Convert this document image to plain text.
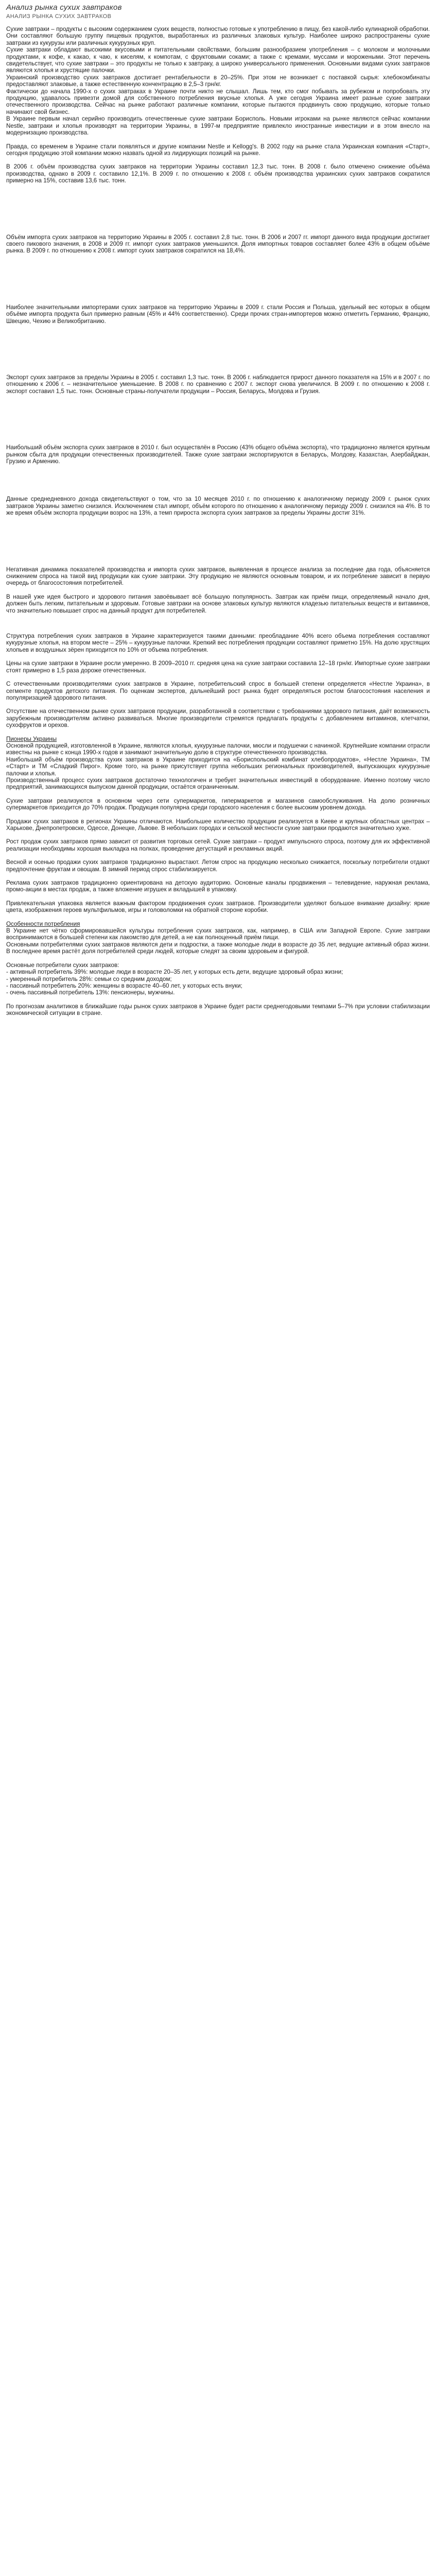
Анализ рынка сухих завтраков
АНАЛИЗ РЫНКА СУХИХ ЗАВТРАКОВ

Сухие завтраки – продукты с высоким содержанием сухих веществ, полностью готовые к употреблению в пищу, без какой-либо кулинарной обработки. Они составляют большую группу пищевых продуктов, выработанных из различных злаковых культур. Наиболее широко распространены сухие завтраки из кукурузы или различных кукурузных круп.

Сухие завтраки обладают высокими вкусовыми и питательными свойствами, большим разнообразием употребления – с молоком и молочными продуктами, к кофе, к какао, к чаю, к киселям, к компотам, с фруктовыми соками; а также с кремами, муссами и морожеными. Этот перечень свидетельствует, что сухие завтраки – это продукты не только к завтраку, а широко универсального применения. Основными видами сухих завтраков являются хлопья и хрустящие палочки.

Украинский производство сухих завтраков достигает рентабельности в 20–25%. При этом не возникает с поставкой сырья: хлебокомбинаты предоставляют злаковые, а также естественную кончентрацию в 2,5–3 грн/кг.

Фактически до начала 1990-х о сухих завтраках в Украине почти никто не слышал. Лишь тем, кто смог побывать за рубежом и попробовать эту продукцию, удавалось привезти домой для собственного потребления вкусные хлопья. А уже сегодня Украина имеет разные сухие завтраки отечественного производства. Сейчас на рынке работают различные компании, которые пытаются продвинуть свою продукцию, которые только начинают свой бизнес.

В Украине первым начал серийно производить отечественные сухие завтраки Борисполь. Новыми игроками на рынке являются сейчас компании Nestle, завтраки и хлопья производят на территории Украины, в 1997-м предприятие привлекло иностранные инвестиции и в этом внесло на модернизацию производства.

Правда, со временем в Украине стали появляться и другие компании Nestle и Kellogg's. В 2002 году на рынке стала Украинская компания «Старт», сегодня продукцию этой компании можно назвать одной из лидирующих позиций на рынке.

В 2006 г. объём производства сухих завтраков на территории Украины составил 12,3 тыс. тонн. В 2008 г. было отмечено снижение объёма производства, однако в 2009 г. составило 12,1%. В 2009 г. по отношению к 2008 г. объём производства украинских сухих завтраков сократился примерно на 15%, составив 13,6 тыс. тонн.

Объём импорта сухих завтраков на территорию Украины в 2005 г. составил 2,8 тыс. тонн. В 2006 и 2007 гг. импорт данного вида продукции достигает своего пикового значения, в 2008 и 2009 гг. импорт сухих завтраков уменьшился. Доля импортных товаров составляет более 43% в общем объёме рынка. В 2009 г. по отношению к 2008 г. импорт сухих завтраков сократился на 18,4%.

Наиболее значительными импортерами сухих завтраков на территорию Украины в 2009 г. стали Россия и Польша, удельный вес которых в общем объёме импорта продукта был примерно равным (45% и 44% соответственно). Среди прочих стран-импортеров можно отметить Германию, Францию, Швецию, Чехию и Великобританию.

Экспорт сухих завтраков за пределы Украины в 2005 г. составил 1,3 тыс. тонн. В 2006 г. наблюдается прирост данного показателя на 15% и в 2007 г. по отношению к 2006 г. – незначительное уменьшение. В 2008 г. по сравнению с 2007 г. экспорт снова увеличился. В 2009 г. по отношению к 2008 г. экспорт составил 1,5 тыс. тонн. Основные страны-получатели продукции – Россия, Беларусь, Молдова и Грузия.

Наибольший объём экспорта сухих завтраков в 2010 г. был осуществлён в Россию (43% общего объёма экспорта), что традиционно является крупным рынком сбыта для продукции отечественных производителей. Также сухие завтраки экспортируются в Беларусь, Молдову, Казахстан, Азербайджан, Грузию и Армению.

Данные среднедневного дохода свидетельствуют о том, что за 10 месяцев 2010 г. по отношению к аналогичному периоду 2009 г. рынок сухих завтраков Украины заметно снизился. Исключением стал импорт, объём которого по отношению к аналогичному периоду 2009 г. снизился на 4%. В то же время объём экспорта продукции возрос на 13%, а темп прироста экспорта сухих завтраков за пределы Украины достиг 31%.

Негативная динамика показателей производства и импорта сухих завтраков, выявленная в процессе анализа за последние два года, объясняется снижением спроса на такой вид продукции как сухие завтраки. Эту продукцию не являются основным товаром, и их потребление зависит в первую очередь от благосостояния потребителей.

В нашей уже идея быстрого и здорового питания завоёвывает всё большую популярность. Завтрак как приём пищи, определяемый начало дня, должен быть легким, питательным и здоровым. Готовые завтраки на основе злаковых культур являются кладезью питательных веществ и витаминов, что значительно повышает спрос на данный продукт для потребителей.

Структура потребления сухих завтраков в Украине характеризуется такими данными: преобладание 40% всего объема потребления составляют кукурузные хлопья, на втором месте – 25% – кукурузные палочки. Крепкий вес потребления продукции составляют приметно 15%. На долю хрустящих хлопьев и воздушных зёрен приходится по 10% от объема потребления.

Цены на сухие завтраки в Украине росли умеренно. В 2009–2010 гг. средняя цена на сухие завтраки составила 12–18 грн/кг. Импортные сухие завтраки стоят примерно в 1,5 раза дороже отечественных.

С отечественными производителями сухих завтраков в Украине, потребительский спрос в большей степени определяется «Нестле Украина», в сегменте продуктов детского питания. По оценкам экспертов, дальнейший рост рынка будет определяться ростом благосостояния населения и популяризацией здорового питания.

Отсутствие на отечественном рынке сухих завтраков продукции, разработанной в соответствии с требованиями здорового питания, даёт возможность зарубежным производителям активно развиваться. Многие производители стремятся предлагать продукты с добавлением витаминов, клетчатки, сухофруктов и орехов.

Пионеры Украины

Основной продукцией, изготовленной в Украине, являются хлопья, кукурузные палочки, мюсли и подушечки с начинкой. Крупнейшие компании отрасли известны на рынке с конца 1990-х годов и занимают значительную долю в структуре отечественного производства.

Наибольший объём производства сухих завтраков в Украине приходится на «Бориспольский комбинат хлебопродуктов», «Нестле Украина», ТМ «Старт» и ТМ «Сладкий Пирог». Кроме того, на рынке присутствует группа небольших региональных производителей, выпускающих кукурузные палочки и хлопья.

Производственный процесс сухих завтраков достаточно технологичен и требует значительных инвестиций в оборудование. Именно поэтому число предприятий, занимающихся выпуском данной продукции, остаётся ограниченным.

Сухие завтраки реализуются в основном через сети супермаркетов, гипермаркетов и магазинов самообслуживания. На долю розничных супермаркетов приходится до 70% продаж. Продукция популярна среди городского населения с более высоким уровнем дохода.

Продажи сухих завтраков в регионах Украины отличаются. Наибольшее количество продукции реализуется в Киеве и крупных областных центрах – Харькове, Днепропетровске, Одессе, Донецке, Львове. В небольших городах и сельской местности сухие завтраки продаются значительно хуже.

Рост продаж сухих завтраков прямо зависит от развития торговых сетей. Сухие завтраки – продукт импульсного спроса, поэтому для их эффективной реализации необходимы хорошая выкладка на полках, проведение дегустаций и рекламных акций.

Весной и осенью продажи сухих завтраков традиционно вырастают. Летом спрос на продукцию несколько снижается, поскольку потребители отдают предпочтение фруктам и овощам. В зимний период спрос стабилизируется.

Реклама сухих завтраков традиционно ориентирована на детскую аудиторию. Основные каналы продвижения – телевидение, наружная реклама, промо-акции в местах продаж, а также вложение игрушек и вкладышей в упаковку.

Привлекательная упаковка является важным фактором продвижения сухих завтраков. Производители уделяют большое внимание дизайну: яркие цвета, изображения героев мультфильмов, игры и головоломки на обратной стороне коробки.

Особенности потребления

В Украине нет чётко сформировавшейся культуры потребления сухих завтраков, как, например, в США или Западной Европе. Сухие завтраки воспринимаются в большей степени как лакомство для детей, а не как полноценный приём пищи.

Основными потребителями сухих завтраков являются дети и подростки, а также молодые люди в возрасте до 35 лет, ведущие активный образ жизни. В последнее время растёт доля потребителей среди людей, которые следят за своим здоровьем и фигурой.

Основные потребители сухих завтраков:

- активный потребитель 39%: молодые люди в возрасте 20–35 лет, у которых есть дети, ведущие здоровый образ жизни;
- умеренный потребитель 28%: семьи со средним доходом;
- пассивный потребитель 20%: женщины в возрасте 40–60 лет, у которых есть внуки;
- очень пассивный потребитель 13%: пенсионеры, мужчины.

По прогнозам аналитиков в ближайшие годы рынок сухих завтраков в Украине будет расти среднегодовыми темпами 5–7% при условии стабилизации экономической ситуации в стране.
